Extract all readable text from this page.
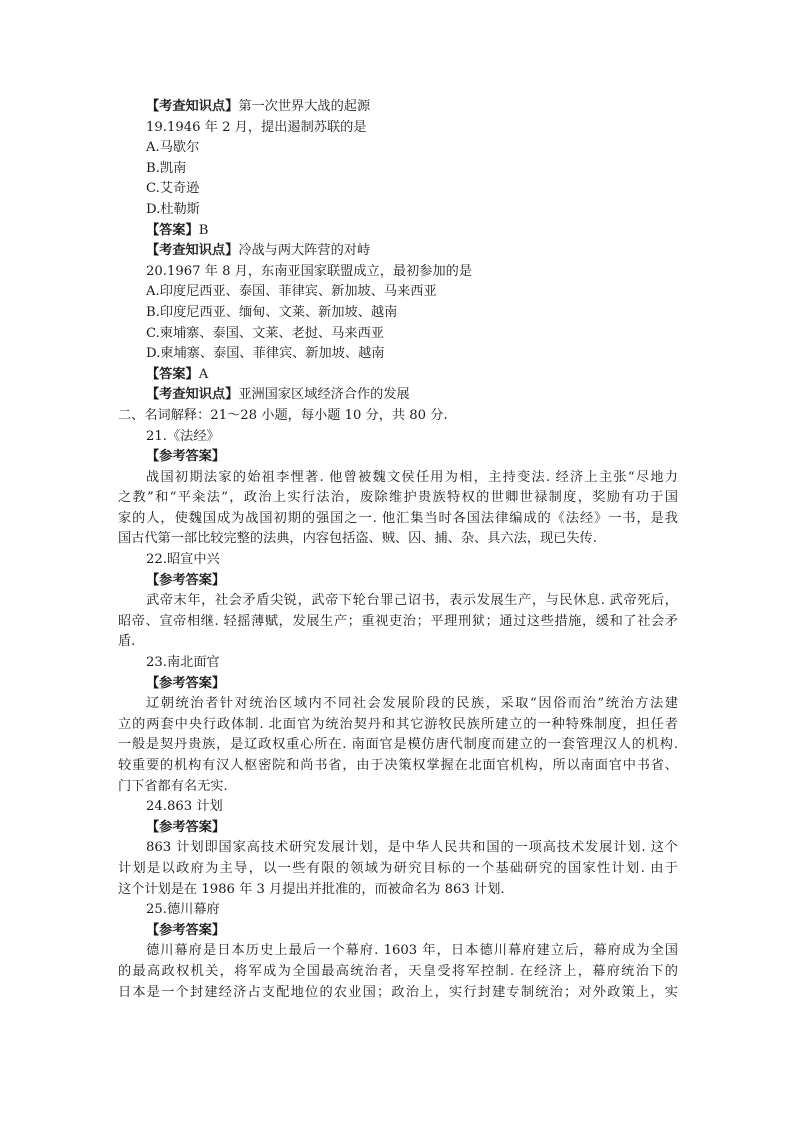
【考查知识点】第一次世界大战的起源
19.1946 年 2 月，提出遏制苏联的是
A.马歇尔
B.凯南
C.艾奇逊
D.杜勒斯
【答案】B
【考查知识点】冷战与两大阵营的对峙
20.1967 年 8 月，东南亚国家联盟成立，最初参加的是
A.印度尼西亚、泰国、菲律宾、新加坡、马来西亚
B.印度尼西亚、缅甸、文莱、新加坡、越南
C.柬埔寨、泰国、文莱、老挝、马来西亚
D.柬埔寨、泰国、菲律宾、新加坡、越南
【答案】A
【考查知识点】亚洲国家区域经济合作的发展
二、名词解释：21～28 小题，每小题 10 分，共 80 分.
21.《法经》
【参考答案】
战国初期法家的始祖李悝著. 他曾被魏文侯任用为相，主持变法. 经济上主张“尽地力
之教”和“平籴法”，政治上实行法治，废除维护贵族特权的世卿世禄制度，奖励有功于国
家的人，使魏国成为战国初期的强国之一. 他汇集当时各国法律编成的《法经》一书，是我
国古代第一部比较完整的法典，内容包括盗、贼、囚、捕、杂、具六法，现已失传.
22.昭宣中兴
【参考答案】
武帝末年，社会矛盾尖锐，武帝下轮台罪己诏书，表示发展生产，与民休息. 武帝死后，
昭帝、宣帝相继. 轻摇薄赋，发展生产；重视吏治；平理刑狱；通过这些措施，缓和了社会矛
盾.
23.南北面官
【参考答案】
辽朝统治者针对统治区域内不同社会发展阶段的民族，采取“因俗而治”统治方法建
立的两套中央行政体制. 北面官为统治契丹和其它游牧民族所建立的一种特殊制度，担任者
一般是契丹贵族，是辽政权重心所在. 南面官是模仿唐代制度而建立的一套管理汉人的机构.
较重要的机构有汉人枢密院和尚书省，由于决策权掌握在北面官机构，所以南面官中书省、
门下省都有名无实.
24.863 计划
【参考答案】
863 计划即国家高技术研究发展计划，是中华人民共和国的一项高技术发展计划. 这个
计划是以政府为主导，以一些有限的领域为研究目标的一个基础研究的国家性计划. 由于
这个计划是在 1986 年 3 月提出并批准的，而被命名为 863 计划.
25.德川幕府
【参考答案】
德川幕府是日本历史上最后一个幕府. 1603 年，日本德川幕府建立后，幕府成为全国
的最高政权机关，将军成为全国最高统治者，天皇受将军控制. 在经济上，幕府统治下的
日本是一个封建经济占支配地位的农业国；政治上，实行封建专制统治；对外政策上，实
